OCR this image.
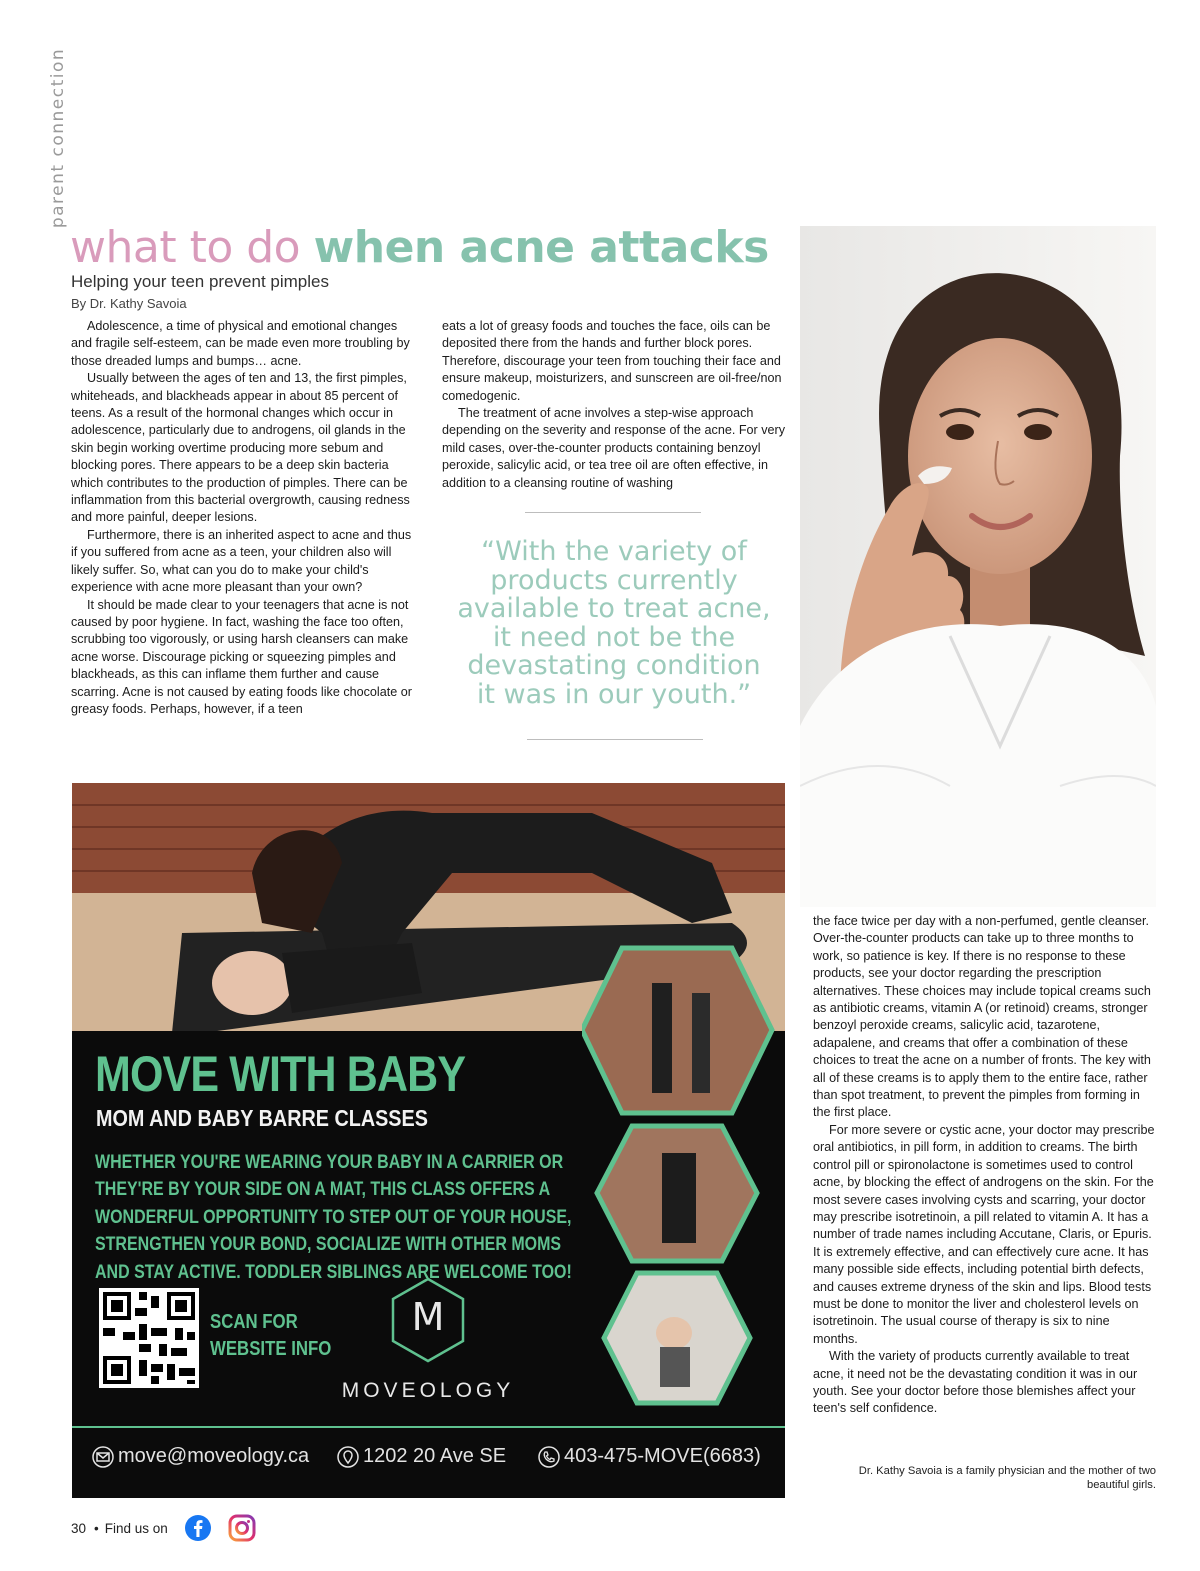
parent connection
what to do when acne attacks
Helping your teen prevent pimples
By Dr. Kathy Savoia

Adolescence, a time of physical and emotional changes and fragile self-esteem, can be made even more troubling by those dreaded lumps and bumps… acne.

Usually between the ages of ten and 13, the first pimples, whiteheads, and blackheads appear in about 85 percent of teens. As a result of the hormonal changes which occur in adolescence, particularly due to androgens, oil glands in the skin begin working overtime producing more sebum and blocking pores. There appears to be a deep skin bacteria which contributes to the production of pimples. There can be inflammation from this bacterial overgrowth, causing redness and more painful, deeper lesions.

Furthermore, there is an inherited aspect to acne and thus if you suffered from acne as a teen, your children also will likely suffer. So, what can you do to make your child's experience with acne more pleasant than your own?

It should be made clear to your teenagers that acne is not caused by poor hygiene. In fact, washing the face too often, scrubbing too vigorously, or using harsh cleansers can make acne worse. Discourage picking or squeezing pimples and blackheads, as this can inflame them further and cause scarring. Acne is not caused by eating foods like chocolate or greasy foods. Perhaps, however, if a teen

eats a lot of greasy foods and touches the face, oils can be deposited there from the hands and further block pores. Therefore, discourage your teen from touching their face and ensure makeup, moisturizers, and sunscreen are oil-free/non comedogenic.

The treatment of acne involves a step-wise approach depending on the severity and response of the acne. For very mild cases, over-the-counter products containing benzoyl peroxide, salicylic acid, or tea tree oil are often effective, in addition to a cleansing routine of washing

“With the variety of products currently available to treat acne, it need not be the devastating condition it was in our youth.”

the face twice per day with a non-perfumed, gentle cleanser. Over-the-counter products can take up to three months to work, so patience is key. If there is no response to these products, see your doctor regarding the prescription alternatives. These choices may include topical creams such as antibiotic creams, vitamin A (or retinoid) creams, stronger benzoyl peroxide creams, salicylic acid, tazarotene, adapalene, and creams that offer a combination of these choices to treat the acne on a number of fronts. The key with all of these creams is to apply them to the entire face, rather than spot treatment, to prevent the pimples from forming in the first place.

For more severe or cystic acne, your doctor may prescribe oral antibiotics, in pill form, in addition to creams. The birth control pill or spironolactone is sometimes used to control acne, by blocking the effect of androgens on the skin. For the most severe cases involving cysts and scarring, your doctor may prescribe isotretinoin, a pill related to vitamin A. It has a number of trade names including Accutane, Claris, or Epuris. It is extremely effective, and can effectively cure acne. It has many possible side effects, including potential birth defects, and causes extreme dryness of the skin and lips. Blood tests must be done to monitor the liver and cholesterol levels on isotretinoin. The usual course of therapy is six to nine months.

With the variety of products currently available to treat acne, it need not be the devastating condition it was in our youth. See your doctor before those blemishes affect your teen's self confidence.

MOVE WITH BABY
MOM AND BABY BARRE CLASSES
WHETHER YOU'RE WEARING YOUR BABY IN A CARRIER OR THEY'RE BY YOUR SIDE ON A MAT, THIS CLASS OFFERS A WONDERFUL OPPORTUNITY TO STEP OUT OF YOUR HOUSE, STRENGTHEN YOUR BOND, SOCIALIZE WITH OTHER MOMS AND STAY ACTIVE. TODDLER SIBLINGS ARE WELCOME TOO!
SCAN FOR
WEBSITE INFO
M
MOVEOLOGY
move@moveology.ca	1202 20 Ave SE	403-475-MOVE(6683)
Dr. Kathy Savoia is a family physician and the mother of two beautiful girls.
30 • Find us on
